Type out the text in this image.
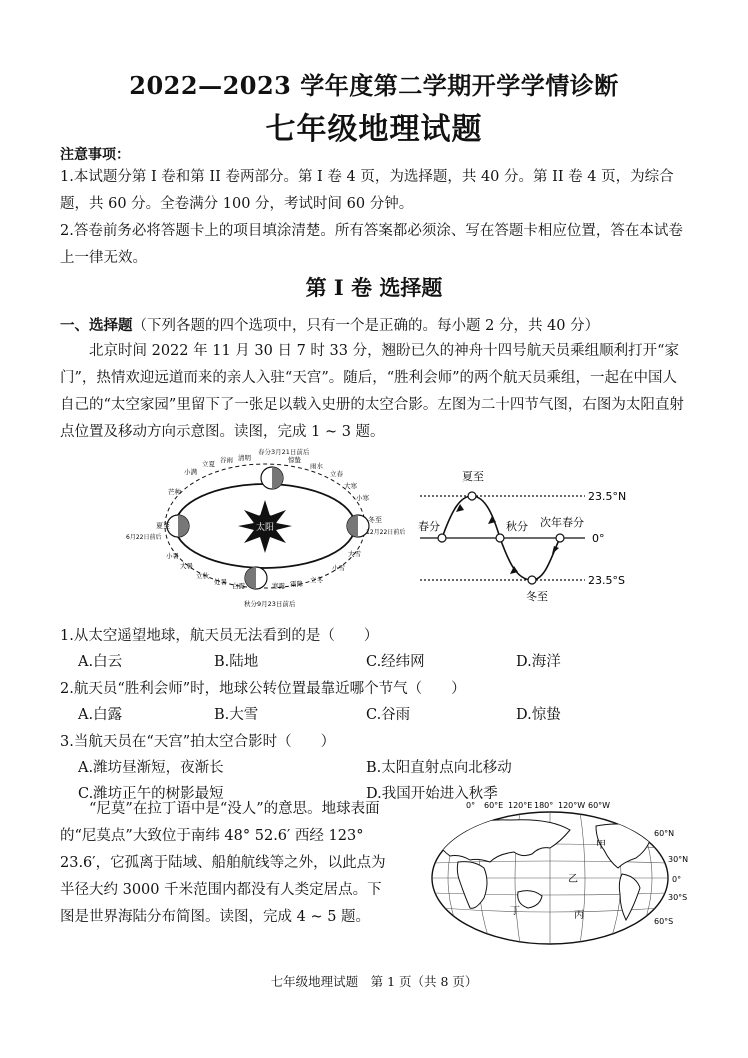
2022—2023 学年度第二学期开学学情诊断
七年级地理试题
注意事项：
1.本试题分第 I 卷和第 II 卷两部分。第 I 卷 4 页，为选择题，共 40 分。第 II 卷 4 页，为综合题，共 60 分。全卷满分 100 分，考试时间 60 分钟。
2.答卷前务必将答题卡上的项目填涂清楚。所有答案都必须涂、写在答题卡相应位置，答在本试卷上一律无效。
第 I 卷 选择题
一、选择题（下列各题的四个选项中，只有一个是正确的。每小题 2 分，共 40 分）
北京时间 2022 年 11 月 30 日 7 时 33 分，翘盼已久的神舟十四号航天员乘组顺利打开“家门”，热情欢迎远道而来的亲人入驻“天宫”。随后，“胜利会师”的两个航天员乘组，一起在中国人自己的“太空家园”里留下了一张足以载入史册的太空合影。左图为二十四节气图，右图为太阳直射点位置及移动方向示意图。读图，完成 1 ~ 3 题。
太阳
春分3月21日前后
清明
谷雨
立夏
小满
芒种
夏至
6月22日前后
小暑
大暑
立秋
处暑 白露
秋分9月23日前后
寒露 霜降 立冬
小雪
大雪
冬至
12月22日前后
小寒
大寒
立春
雨水
惊蛰
23.5°N
0°
23.5°S
夏至
春分	秋分 次年春分
冬至
1.从太空遥望地球，航天员无法看到的是（　　）
A.白云	B.陆地	C.经纬网	D.海洋
2.航天员“胜利会师”时，地球公转位置最靠近哪个节气（　　）
A.白露	B.大雪	C.谷雨	D.惊蛰
3.当航天员在“天宫”拍太空合影时（　　）
A.潍坊昼渐短，夜渐长	B.太阳直射点向北移动
C.潍坊正午的树影最短	D.我国开始进入秋季
“尼莫”在拉丁语中是“没人”的意思。地球表面的“尼莫点”大致位于南纬 48° 52.6′ 西经 123° 23.6′，它孤离于陆域、船舶航线等之外，以此点为半径大约 3000 千米范围内都没有人类定居点。下图是世界海陆分布简图。读图，完成 4 ~ 5 题。
0° 60°E 120°E 180° 120°W 60°W
60°N
30°N
0°
30°S
60°S
甲
乙
丙
丁
七年级地理试题　第 1 页（共 8 页）
